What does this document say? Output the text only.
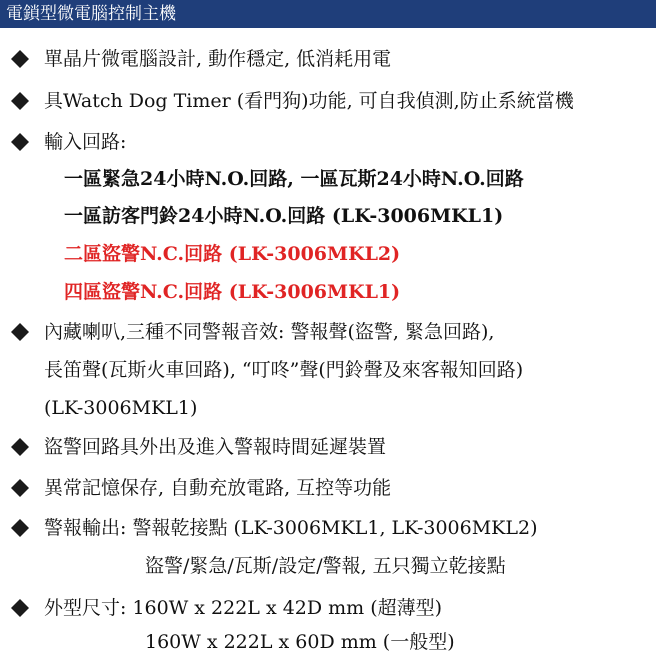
電鎖型微電腦控制主機
單晶片微電腦設計, 動作穩定, 低消耗用電
具Watch Dog Timer (看門狗)功能, 可自我偵測,防止系統當機
輸入回路:
一區緊急24小時N.O.回路, 一區瓦斯24小時N.O.回路
一區訪客門鈴24小時N.O.回路 (LK-3006MKL1)
二區盜警N.C.回路 (LK-3006MKL2)
四區盜警N.C.回路 (LK-3006MKL1)
內藏喇叭,三種不同警報音效: 警報聲(盜警, 緊急回路),
長笛聲(瓦斯火車回路), “叮咚”聲(門鈴聲及來客報知回路)
(LK-3006MKL1)
盜警回路具外出及進入警報時間延遲裝置
異常記憶保存, 自動充放電路, 互控等功能
警報輸出: 警報乾接點 (LK-3006MKL1, LK-3006MKL2)
盜警/緊急/瓦斯/設定/警報, 五只獨立乾接點
外型尺寸: 160W x 222L x 42D mm (超薄型)
160W x 222L x 60D mm (一般型)
